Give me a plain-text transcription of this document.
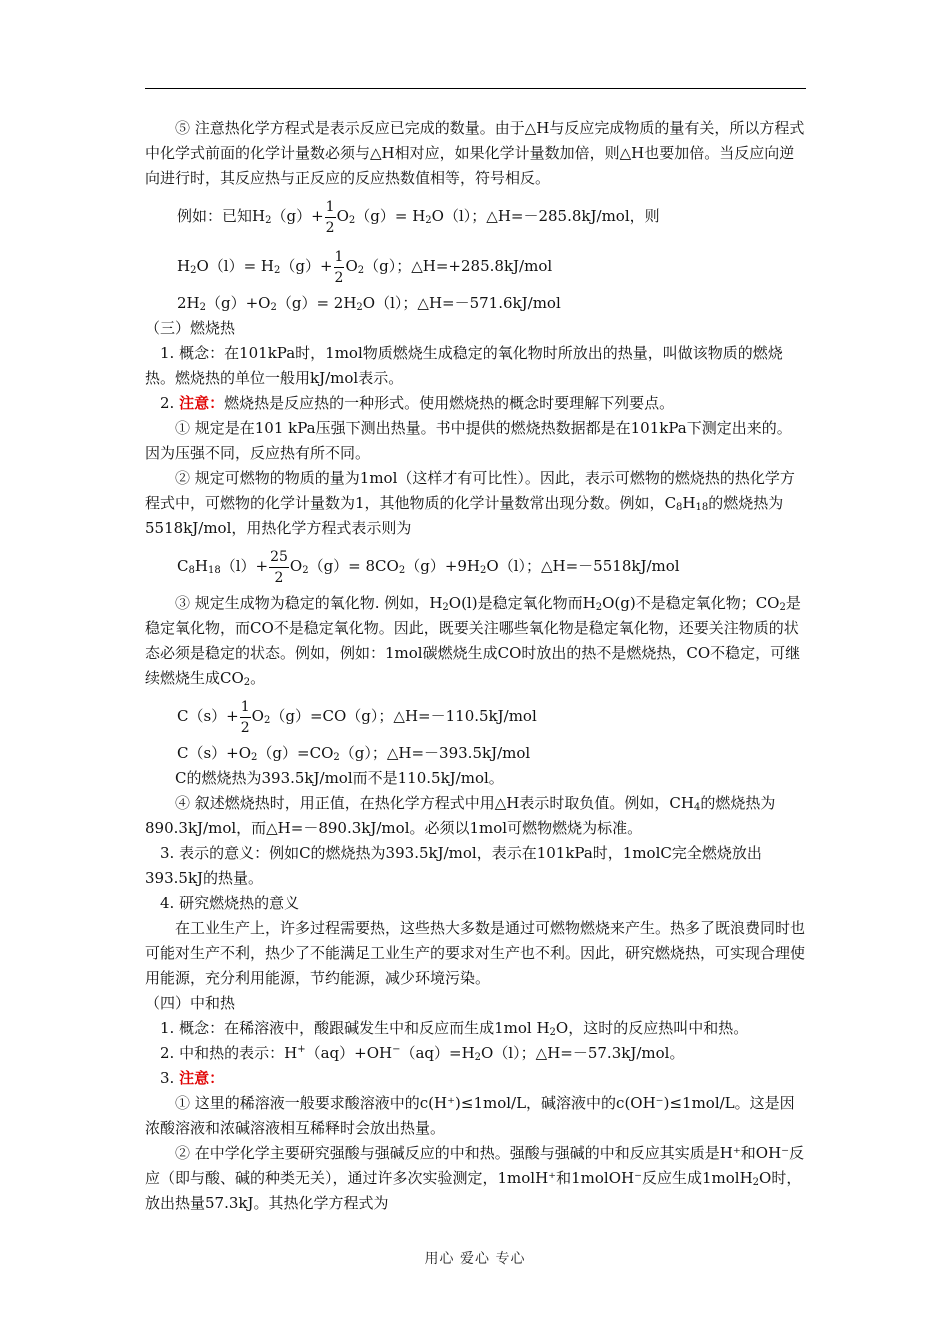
⑤ 注意热化学方程式是表示反应已完成的数量。由于△H与反应完成物质的量有关，所以方程式中化学式前面的化学计量数必须与△H相对应，如果化学计量数加倍，则△H也要加倍。当反应向逆向进行时，其反应热与正反应的反应热数值相等，符号相反。

例如：已知$H_2(g)+ \frac{1}{2} O_2(g)= H_2O(l)$；△H=－285.8kJ/mol，则
$H_2O(l)= H_2(g)+ \frac{1}{2} O_2(g)$；△H=+285.8kJ/mol
$2H_2(g)+O_2(g)= 2H_2O(l)$；△H=－571.6kJ/mol

（三）燃烧热

1. 概念：在101kPa时，1mol物质燃烧生成稳定的氧化物时所放出的热量，叫做该物质的燃烧热。燃烧热的单位一般用kJ/mol表示。

2. 注意：燃烧热是反应热的一种形式。使用燃烧热的概念时要理解下列要点。

① 规定是在101 kPa压强下测出热量。书中提供的燃烧热数据都是在101kPa下测定出来的。因为压强不同，反应热有所不同。

② 规定可燃物的物质的量为1mol（这样才有可比性）。因此，表示可燃物的燃烧热的热化学方程式中，可燃物的化学计量数为1，其他物质的化学计量数常出现分数。例如，$C_8H_{18}$的燃烧热为5518kJ/mol，用热化学方程式表示则为

$C_8H_{18}(l)+ \frac{25}{2} O_2(g)= 8CO_2(g)+9H_2O(l)$；△H=－5518kJ/mol

③ 规定生成物为稳定的氧化物. 例如，$H_2O(l)$是稳定氧化物而$H_2O(g)$不是稳定氧化物；$CO_2$是稳定氧化物，而CO不是稳定氧化物。因此，既要关注哪些氧化物是稳定氧化物，还要关注物质的状态必须是稳定的状态。例如，例如：1mol碳燃烧生成CO时放出的热不是燃烧热，CO不稳定，可继续燃烧生成$CO_2$。

$C(s)+ \frac{1}{2} O_2(g)=CO(g)$；△H=－110.5kJ/mol
$C(s)+O_2(g)=CO_2(g)$；△H=－393.5kJ/mol

C的燃烧热为393.5kJ/mol而不是110.5kJ/mol。

④ 叙述燃烧热时，用正值，在热化学方程式中用△H表示时取负值。例如，$CH_4$的燃烧热为890.3kJ/mol，而△H=－890.3kJ/mol。必须以1mol可燃物燃烧为标准。

3. 表示的意义：例如C的燃烧热为393.5kJ/mol，表示在101kPa时，1molC完全燃烧放出393.5kJ的热量。

4. 研究燃烧热的意义

在工业生产上，许多过程需要热，这些热大多数是通过可燃物燃烧来产生。热多了既浪费同时也可能对生产不利，热少了不能满足工业生产的要求对生产也不利。因此，研究燃烧热，可实现合理使用能源，充分利用能源，节约能源，减少环境污染。

（四）中和热

1. 概念：在稀溶液中，酸跟碱发生中和反应而生成1mol $H_2O$，这时的反应热叫中和热。

2. 中和热的表示：$H^+(aq)+OH^-(aq)=H_2O(l)$；△H=－57.3kJ/mol。

3. 注意：

① 这里的稀溶液一般要求酸溶液中的c(H⁺)≤1mol/L，碱溶液中的c(OH⁻)≤1mol/L。这是因浓酸溶液和浓碱溶液相互稀释时会放出热量。

② 在中学化学主要研究强酸与强碱反应的中和热。强酸与强碱的中和反应其实质是H⁺和OH⁻反应（即与酸、碱的种类无关），通过许多次实验测定，1molH⁺和1molOH⁻反应生成1molH$_2$O时，放出热量57.3kJ。其热化学方程式为

用心 爱心 专心
